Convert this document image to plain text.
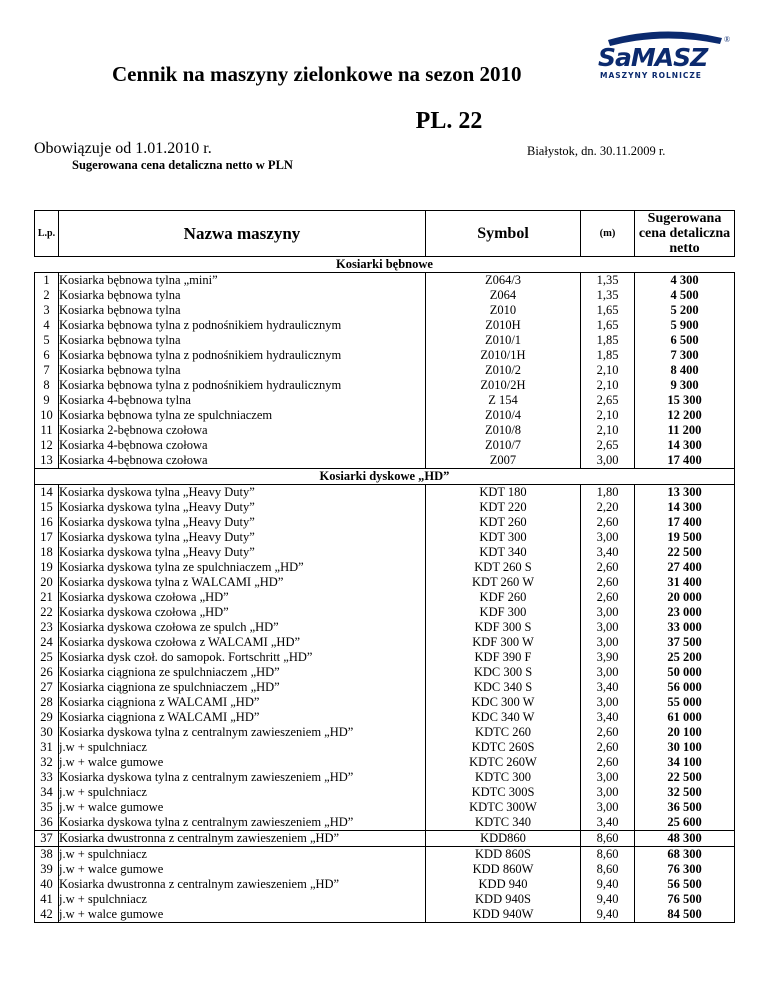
SaMASZ
®
MASZYNY ROLNICZE
Cennik na maszyny zielonkowe na sezon 2010
PL. 22
Obowiązuje od 1.01.2010 r.	Białystok, dn. 30.11.2009 r.
Sugerowana cena detaliczna netto w PLN
L.p.	Nazwa maszyny	Symbol		(m)		Sugerowana cena detaliczna netto
Kosiarki bębnowe				
1	Kosiarka bębnowa tylna „mini”	Z064/3		1,35		4 300
2	Kosiarka bębnowa tylna	Z064		1,35		4 500
3	Kosiarka bębnowa tylna	Z010		1,65		5 200
4	Kosiarka bębnowa tylna z podnośnikiem hydraulicznym	Z010H		1,65		5 900
5	Kosiarka bębnowa tylna	Z010/1		1,85		6 500
6	Kosiarka bębnowa tylna z podnośnikiem hydraulicznym	Z010/1H		1,85		7 300
7	Kosiarka bębnowa tylna	Z010/2		2,10		8 400
8	Kosiarka bębnowa tylna z podnośnikiem hydraulicznym	Z010/2H		2,10		9 300
9	Kosiarka 4-bębnowa tylna	Z 154		2,65		15 300
10	Kosiarka bębnowa tylna ze spulchniaczem	Z010/4		2,10		12 200
11	Kosiarka 2-bębnowa czołowa	Z010/8		2,10		11 200
12	Kosiarka 4-bębnowa czołowa	Z010/7		2,65		14 300
13	Kosiarka 4-bębnowa czołowa	Z007		3,00		17 400
Kosiarki dyskowe „HD”				
14	Kosiarka dyskowa tylna „Heavy Duty”	KDT 180		1,80		13 300
15	Kosiarka dyskowa tylna „Heavy Duty”	KDT 220		2,20		14 300
16	Kosiarka dyskowa tylna „Heavy Duty”	KDT 260		2,60		17 400
17	Kosiarka dyskowa tylna „Heavy Duty”	KDT 300		3,00		19 500
18	Kosiarka dyskowa tylna „Heavy Duty”	KDT 340		3,40		22 500
19	Kosiarka dyskowa tylna ze spulchniaczem „HD”	KDT 260 S		2,60		27 400
20	Kosiarka dyskowa tylna z WALCAMI „HD”	KDT 260 W		2,60		31 400
21	Kosiarka dyskowa czołowa „HD”	KDF 260		2,60		20 000
22	Kosiarka dyskowa czołowa „HD”	KDF 300		3,00		23 000
23	Kosiarka dyskowa czołowa ze spulch „HD”	KDF 300 S		3,00		33 000
24	Kosiarka dyskowa czołowa z WALCAMI „HD”	KDF 300 W		3,00		37 500
25	Kosiarka dysk czoł. do samopok. Fortschritt „HD”	KDF 390 F		3,90		25 200
26	Kosiarka ciągniona ze spulchniaczem „HD”	KDC 300 S		3,00		50 000
27	Kosiarka ciągniona ze spulchniaczem „HD”	KDC 340 S		3,40		56 000
28	Kosiarka ciągniona z WALCAMI „HD”	KDC 300 W		3,00		55 000
29	Kosiarka ciągniona z WALCAMI „HD”	KDC 340 W		3,40		61 000
30	Kosiarka dyskowa tylna z centralnym zawieszeniem „HD”	KDTC 260		2,60		20 100
31	j.w + spulchniacz	KDTC 260S		2,60		30 100
32	j.w + walce gumowe	KDTC 260W		2,60		34 100
33	Kosiarka dyskowa tylna z centralnym zawieszeniem „HD”	KDTC 300		3,00		22 500
34	j.w + spulchniacz	KDTC 300S		3,00		32 500
35	j.w + walce gumowe	KDTC 300W		3,00		36 500
36	Kosiarka dyskowa tylna z centralnym zawieszeniem „HD”	KDTC 340		3,40		25 600
37	Kosiarka dwustronna z centralnym zawieszeniem „HD”	KDD860		8,60		48 300
38	j.w + spulchniacz	KDD 860S		8,60		68 300
39	j.w + walce gumowe	KDD 860W		8,60		76 300
40	Kosiarka dwustronna z centralnym zawieszeniem „HD”	KDD 940		9,40		56 500
41	j.w + spulchniacz	KDD 940S		9,40		76 500
42	j.w + walce gumowe	KDD 940W		9,40		84 500
